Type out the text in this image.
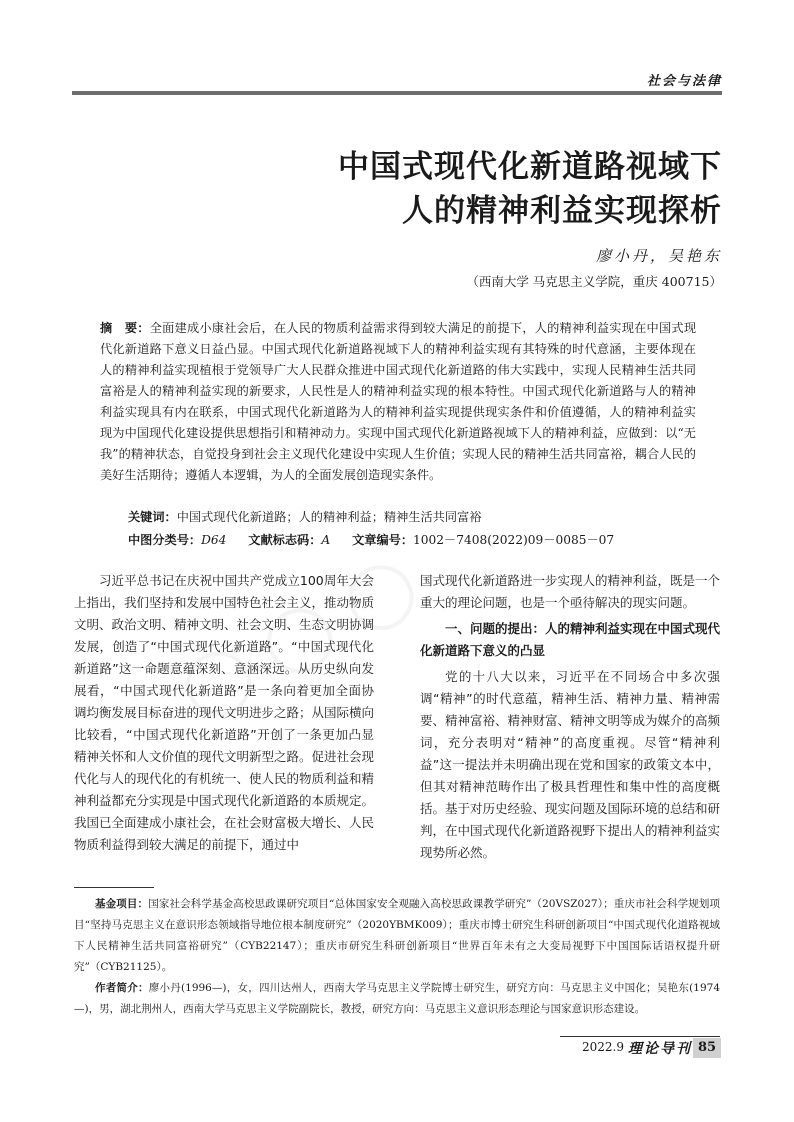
社会与法律
中国式现代化新道路视域下
人的精神利益实现探析
廖小丹，吴艳东
（西南大学 马克思主义学院，重庆 400715）
摘　要：全面建成小康社会后，在人民的物质利益需求得到较大满足的前提下，人的精神利益实现在中国式现代化新道路下意义日益凸显。中国式现代化新道路视域下人的精神利益实现有其特殊的时代意涵，主要体现在人的精神利益实现植根于党领导广大人民群众推进中国式现代化新道路的伟大实践中，实现人民精神生活共同富裕是人的精神利益实现的新要求，人民性是人的精神利益实现的根本特性。中国式现代化新道路与人的精神利益实现具有内在联系，中国式现代化新道路为人的精神利益实现提供现实条件和价值遵循，人的精神利益实现为中国现代化建设提供思想指引和精神动力。实现中国式现代化新道路视域下人的精神利益，应做到：以“无我”的精神状态，自觉投身到社会主义现代化建设中实现人生价值；实现人民的精神生活共同富裕，耦合人民的美好生活期待；遵循人本逻辑，为人的全面发展创造现实条件。
关键词：中国式现代化新道路；人的精神利益；精神生活共同富裕
中图分类号：D64 文献标志码：A 文章编号：1002－7408(2022)09－0085－07

习近平总书记在庆祝中国共产党成立100周年大会上指出，我们坚持和发展中国特色社会主义，推动物质文明、政治文明、精神文明、社会文明、生态文明协调发展，创造了“中国式现代化新道路”。“中国式现代化新道路”这一命题意蕴深刻、意涵深远。从历史纵向发展看，“中国式现代化新道路”是一条向着更加全面协调均衡发展目标奋进的现代文明进步之路；从国际横向比较看，“中国式现代化新道路”开创了一条更加凸显精神关怀和人文价值的现代文明新型之路。促进社会现代化与人的现代化的有机统一、使人民的物质利益和精神利益都充分实现是中国式现代化新道路的本质规定。我国已全面建成小康社会，在社会财富极大增长、人民物质利益得到较大满足的前提下，通过中

国式现代化新道路进一步实现人的精神利益，既是一个重大的理论问题，也是一个亟待解决的现实问题。

一、问题的提出：人的精神利益实现在中国式现代化新道路下意义的凸显

党的十八大以来，习近平在不同场合中多次强调“精神”的时代意蕴，精神生活、精神力量、精神需要、精神富裕、精神财富、精神文明等成为媒介的高频词，充分表明对“精神”的高度重视。尽管“精神利益”这一提法并未明确出现在党和国家的政策文本中，但其对精神范畴作出了极具哲理性和集中性的高度概括。基于对历史经验、现实问题及国际环境的总结和研判，在中国式现代化新道路视野下提出人的精神利益实现势所必然。

基金项目：国家社会科学基金高校思政课研究项目“总体国家安全观融入高校思政课教学研究”（20VSZ027）；重庆市社会科学规划项目“坚持马克思主义在意识形态领域指导地位根本制度研究”（2020YBMK009）；重庆市博士研究生科研创新项目“中国式现代化道路视域下人民精神生活共同富裕研究”（CYB22147）；重庆市研究生科研创新项目“世界百年未有之大变局视野下中国国际话语权提升研究”（CYB21125）。

作者简介：廖小丹(1996—)，女，四川达州人，西南大学马克思主义学院博士研究生，研究方向：马克思主义中国化；吴艳东(1974—)，男，湖北荆州人，西南大学马克思主义学院副院长，教授，研究方向：马克思主义意识形态理论与国家意识形态建设。

2022.9 理论导刊 85
